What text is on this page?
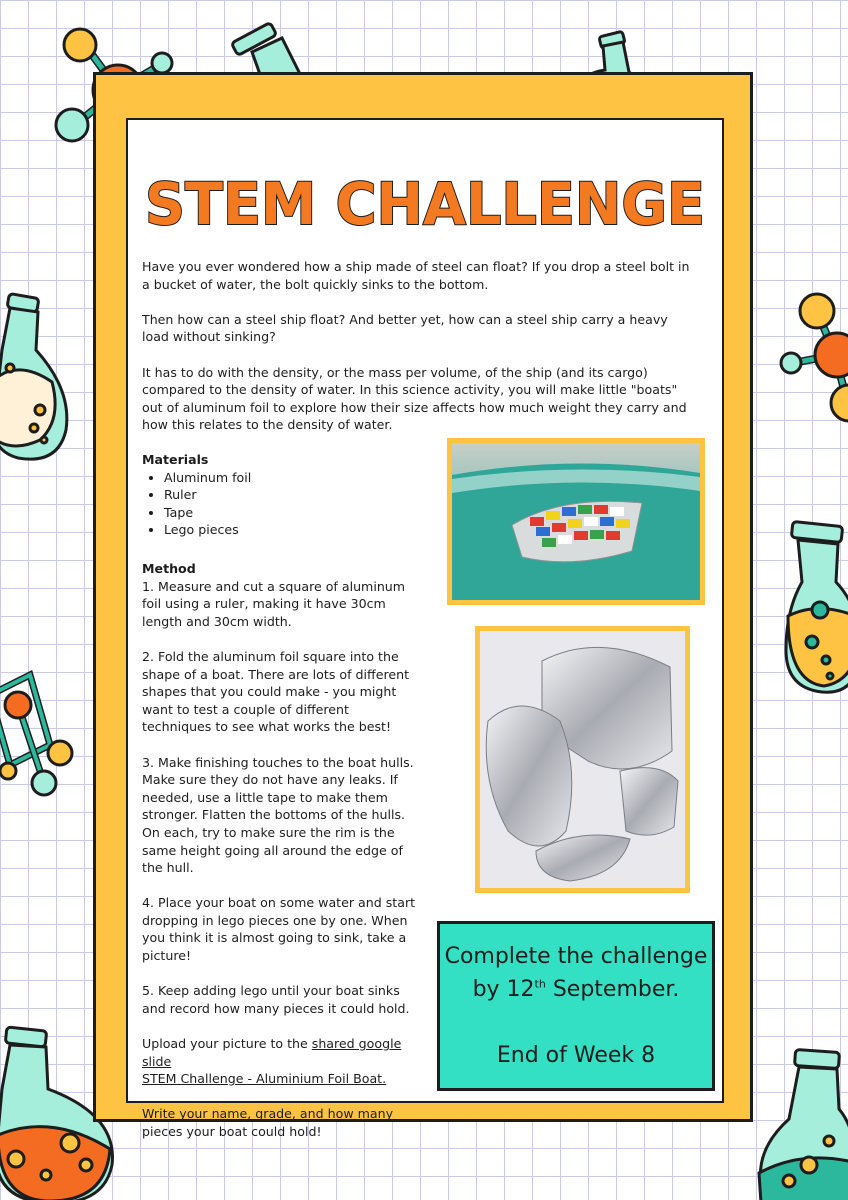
STEM CHALLENGE

Have you ever wondered how a ship made of steel can float? If you drop a steel bolt in a bucket of water, the bolt quickly sinks to the bottom.

Then how can a steel ship float? And better yet, how can a steel ship carry a heavy load without sinking?

It has to do with the density, or the mass per volume, of the ship (and its cargo) compared to the density of water. In this science activity, you will make little "boats" out of aluminum foil to explore how their size affects how much weight they carry and how this relates to the density of water.

Materials

• Aluminum foil
• Ruler
• Tape
• Lego pieces

Method

1. Measure and cut a square of aluminum foil using a ruler, making it have 30cm length and 30cm width.

2. Fold the aluminum foil square into the shape of a boat. There are lots of different shapes that you could make - you might want to test a couple of different techniques to see what works the best!

3. Make finishing touches to the boat hulls. Make sure they do not have any leaks. If needed, use a little tape to make them stronger. Flatten the bottoms of the hulls. On each, try to make sure the rim is the same height going all around the edge of the hull.

4. Place your boat on some water and start dropping in lego pieces one by one. When you think it is almost going to sink, take a picture!

5. Keep adding lego until your boat sinks and record how many pieces it could hold.

Upload your picture to the shared google slide
STEM Challenge - Aluminium Foil Boat.

Write your name, grade, and how many pieces your boat could hold!

Complete the challenge
by 12th September.
End of Week 8
